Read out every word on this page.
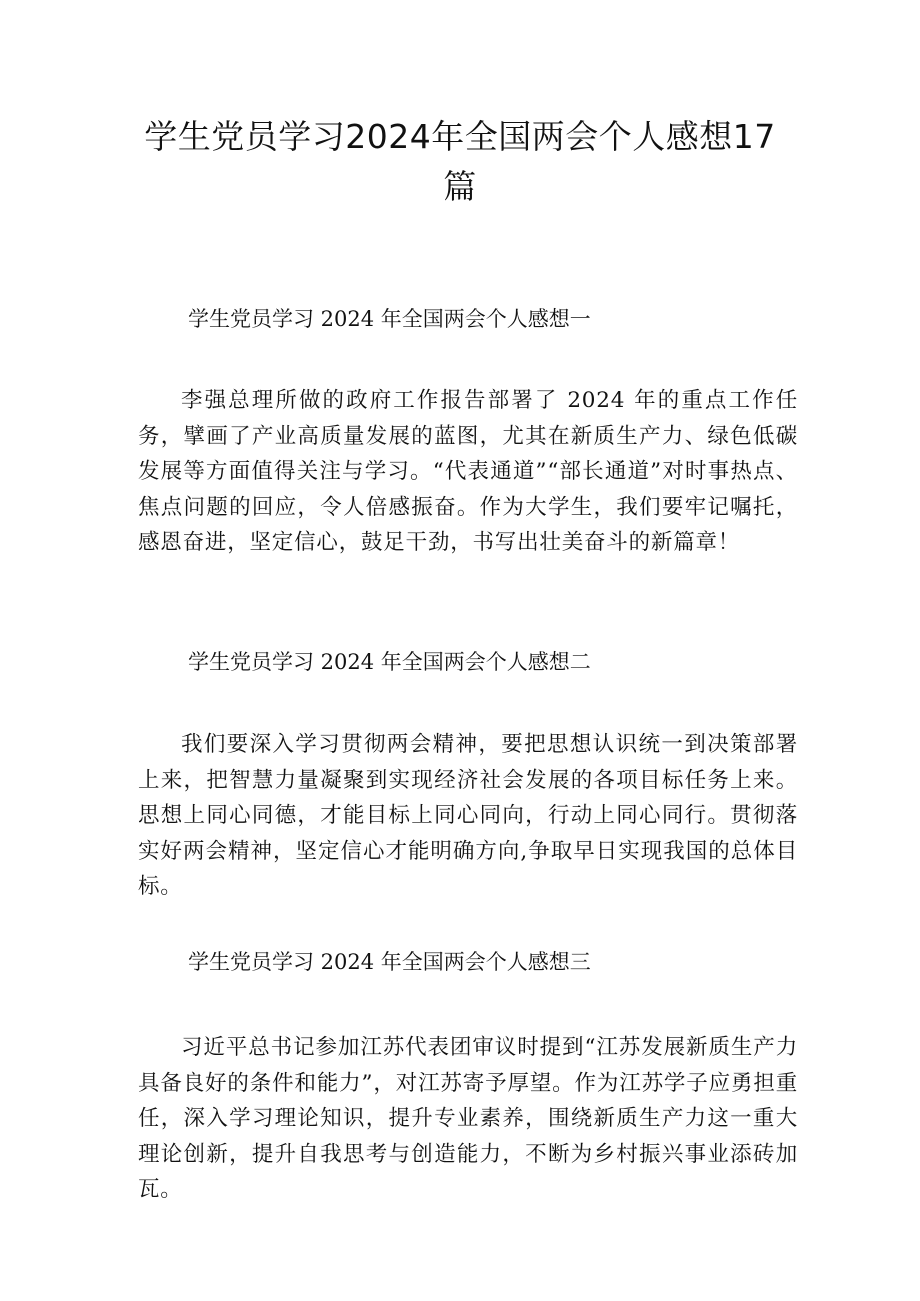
学生党员学习2024年全国两会个人感想17篇
学生党员学习 2024 年全国两会个人感想一

李强总理所做的政府工作报告部署了 2024 年的重点工作任务，擘画了产业高质量发展的蓝图，尤其在新质生产力、绿色低碳发展等方面值得关注与学习。“代表通道”“部长通道”对时事热点、焦点问题的回应，令人倍感振奋。作为大学生，我们要牢记嘱托，感恩奋进，坚定信心，鼓足干劲，书写出壮美奋斗的新篇章！

学生党员学习 2024 年全国两会个人感想二

我们要深入学习贯彻两会精神，要把思想认识统一到决策部署上来，把智慧力量凝聚到实现经济社会发展的各项目标任务上来。思想上同心同德，才能目标上同心同向，行动上同心同行。贯彻落实好两会精神，坚定信心才能明确方向,争取早日实现我国的总体目标。

学生党员学习 2024 年全国两会个人感想三

习近平总书记参加江苏代表团审议时提到“江苏发展新质生产力具备良好的条件和能力”，对江苏寄予厚望。作为江苏学子应勇担重任，深入学习理论知识，提升专业素养，围绕新质生产力这一重大理论创新，提升自我思考与创造能力，不断为乡村振兴事业添砖加瓦。
